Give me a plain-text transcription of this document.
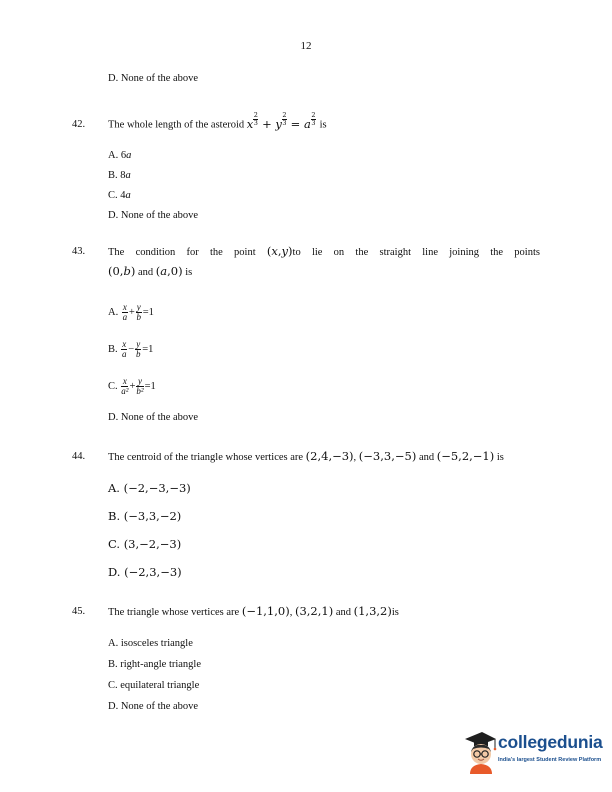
12
D. None of the above
42. The whole length of the asteroid x $\frac{2}{3} + y \frac{2}{3} = a \frac{2}{3}$ is
A. 6a
B. 8a
C. 4a
D. None of the above
43. The condition for the point (x,y)to lie on the straight line joining the points
(0,b) and (a,0) is
A. $\frac{x}{a} + \frac{y}{b} =1$
B. $\frac{x}{a} - \frac{y}{b} =1$
C. $\frac{x}{\text{a²}} + \frac{y}{\text{b²}} =1$
D. None of the above
44. The centroid of the triangle whose vertices are (2,4,−3), (−3,3,−5) and (−5,2,−1) is
A. (−2,−3,−3)
B. (−3,3,−2)
C. (3,−2,−3)
D. (−2,3,−3)
45. The triangle whose vertices are (−1,1,0), (3,2,1) and (1,3,2)is
A. isosceles triangle
B. right-angle triangle
C. equilateral triangle
D. None of the above
collegedunia
India's largest Student Review Platform
